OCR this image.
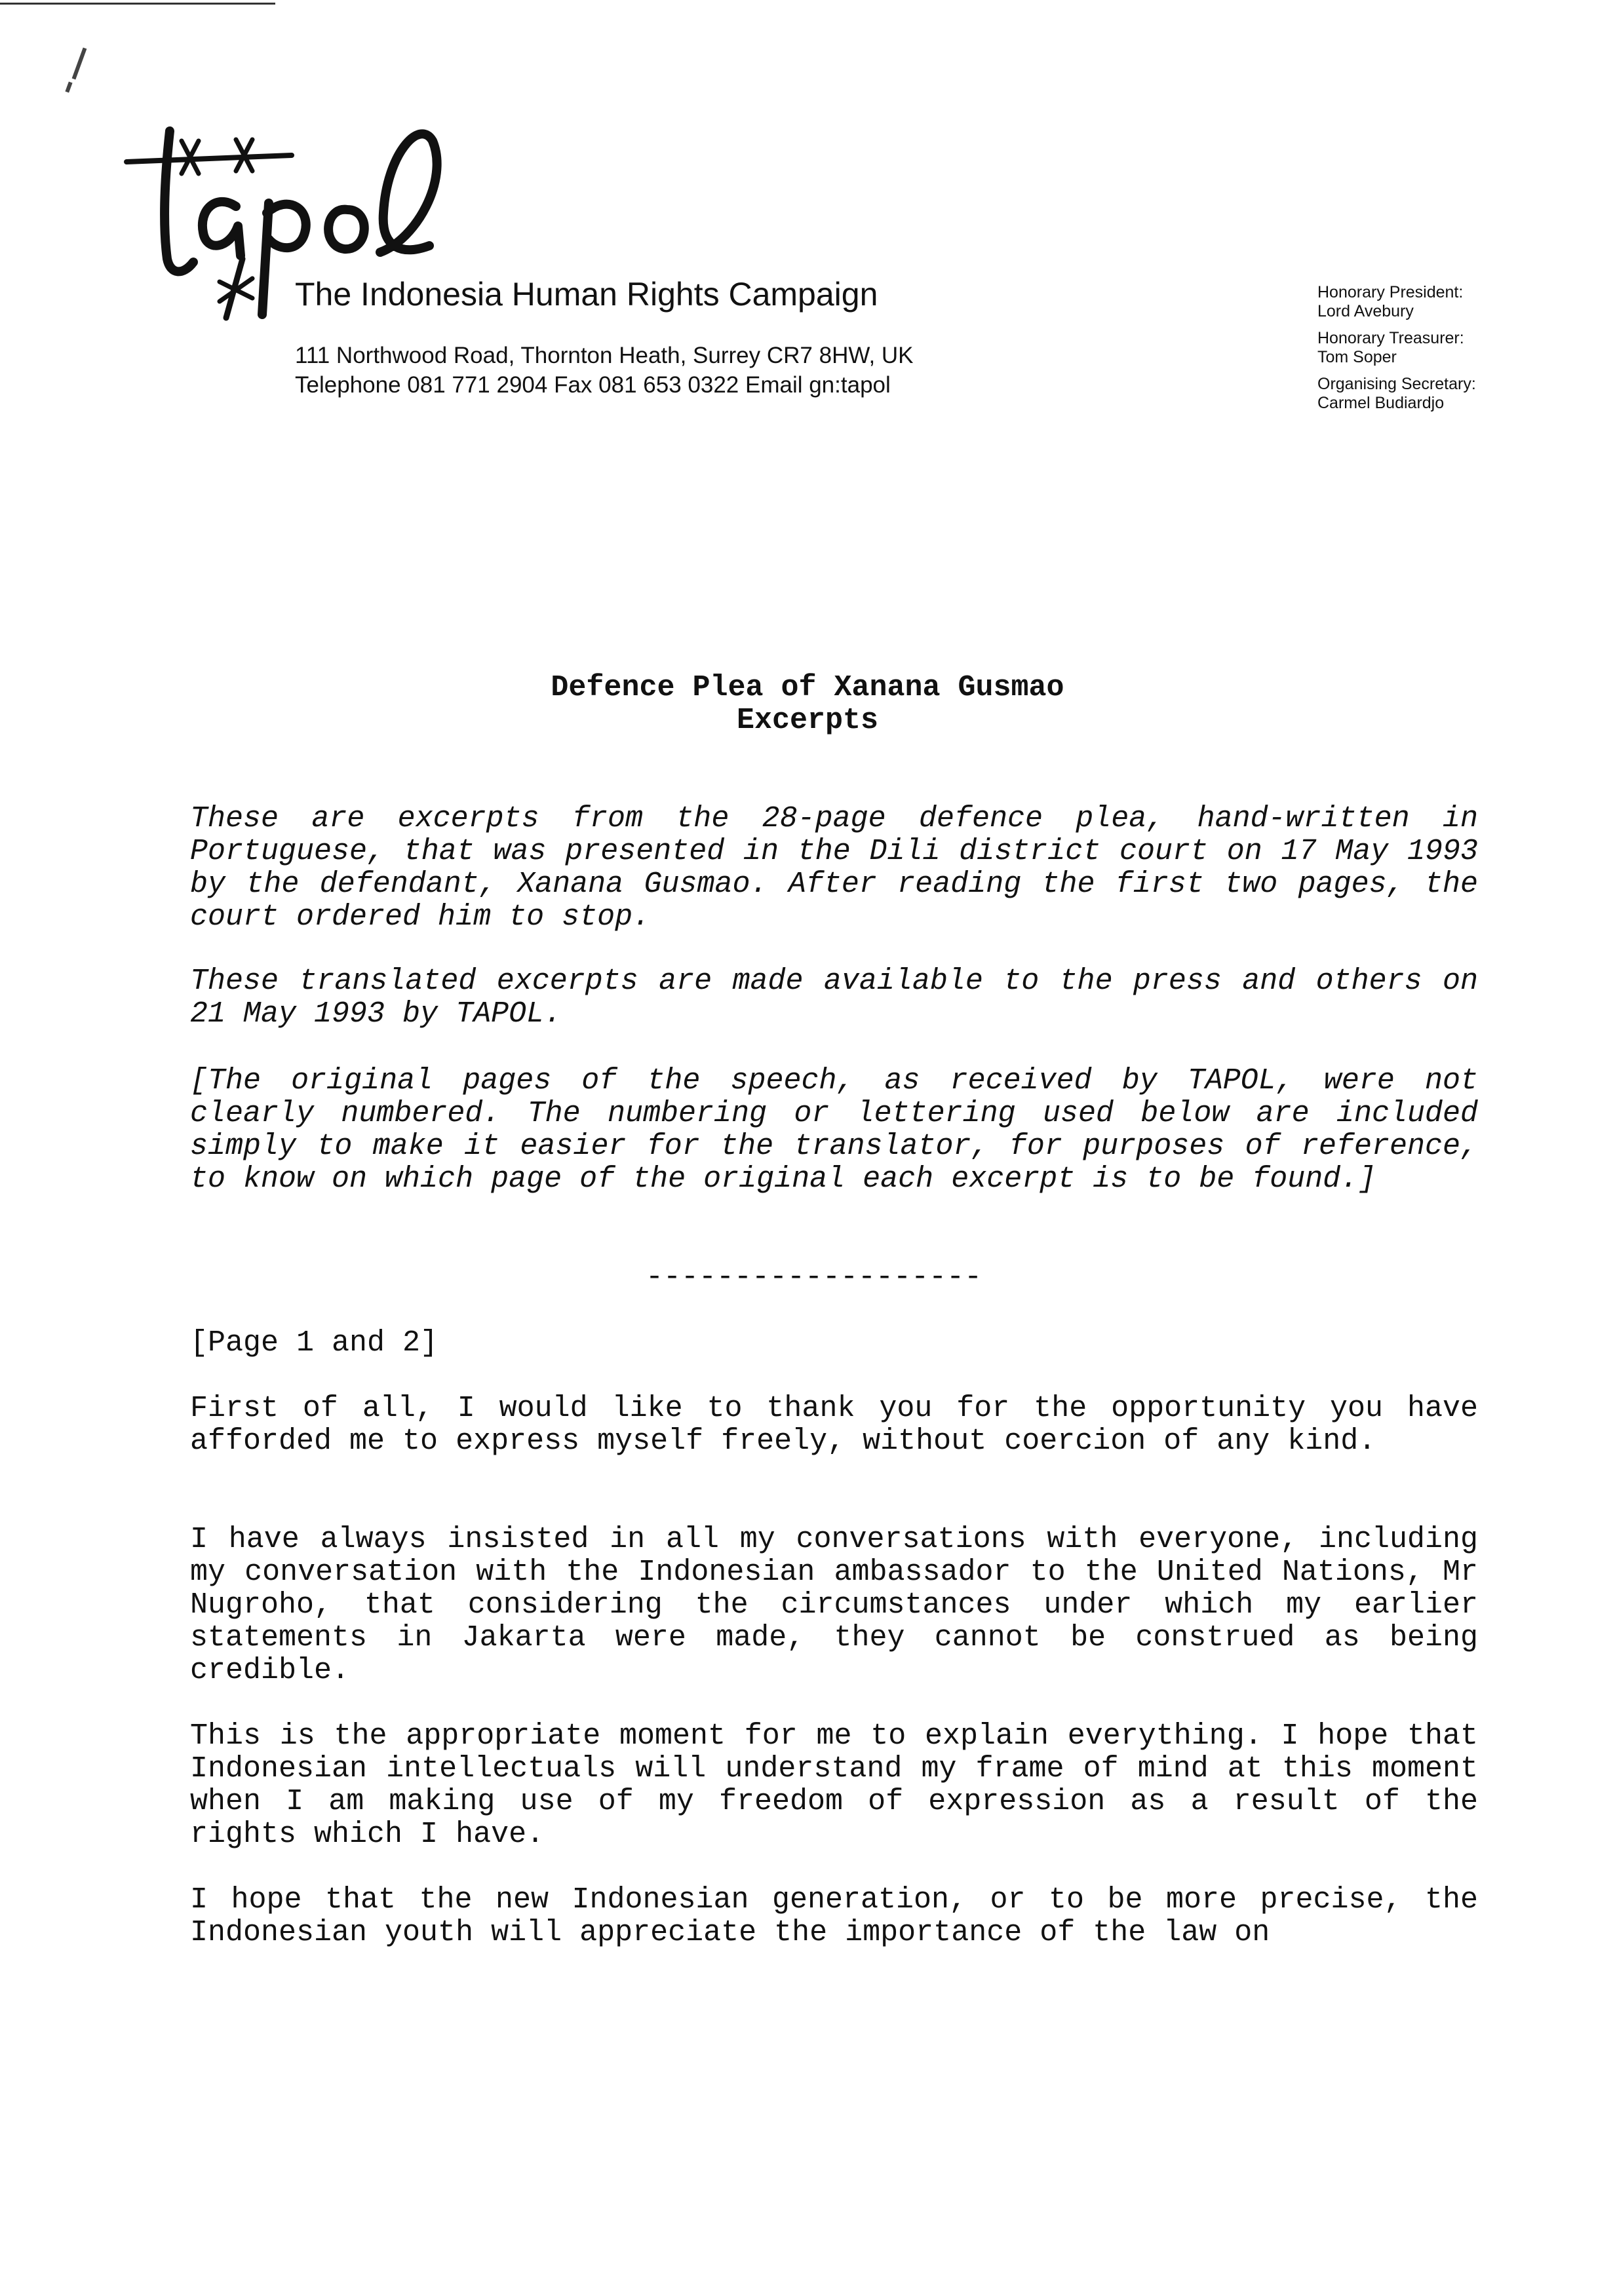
The Indonesia Human Rights Campaign
111 Northwood Road, Thornton Heath, Surrey CR7 8HW, UK
Telephone 081 771 2904 Fax 081 653 0322 Email gn:tapol
Honorary President:
Lord Avebury
Honorary Treasurer:
Tom Soper
Organising Secretary:
Carmel Budiardjo
Defence Plea of Xanana Gusmao
Excerpts

These are excerpts from the 28-page defence plea, hand-written in Portuguese, that was presented in the Dili district court on 17 May 1993 by the defendant, Xanana Gusmao. After reading the first two pages, the court ordered him to stop.

These translated excerpts are made available to the press and others on 21 May 1993 by TAPOL.

[The original pages of the speech, as received by TAPOL, were not clearly numbered. The numbering or lettering used below are included simply to make it easier for the translator, for purposes of reference, to know on which page of the original each excerpt is to be found.]

-------------------

[Page 1 and 2]

First of all, I would like to thank you for the opportunity you have afforded me to express myself freely, without coercion of any kind.

I have always insisted in all my conversations with everyone, including my conversation with the Indonesian ambassador to the United Nations, Mr Nugroho, that considering the circumstances under which my earlier statements in Jakarta were made, they cannot be construed as being credible.

This is the appropriate moment for me to explain everything. I hope that Indonesian intellectuals will understand my frame of mind at this moment when I am making use of my freedom of expression as a result of the rights which I have.

I hope that the new Indonesian generation, or to be more precise, the Indonesian youth will appreciate the importance of the law on
